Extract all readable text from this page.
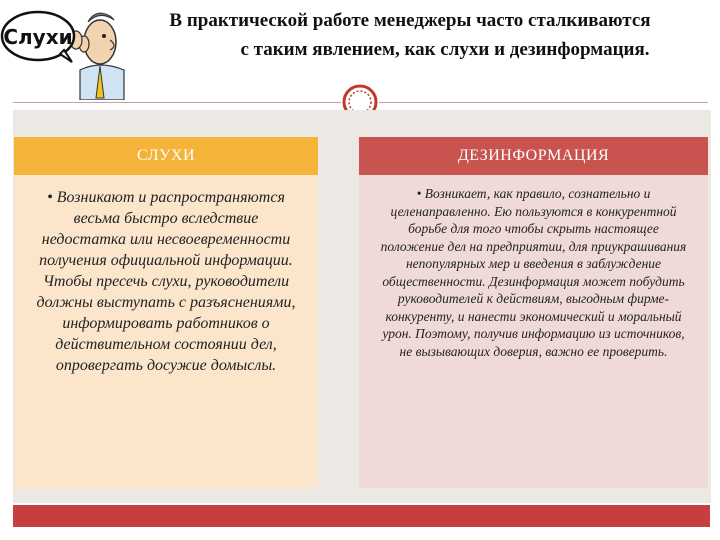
Слухи
В практической работе менеджеры часто сталкиваются
с таким явлением, как слухи и дезинформация.
СЛУХИ	ДЕЗИНФОРМАЦИЯ
• Возникают и распространяются весьма быстро вследствие недостатка или несвоевременности получения официальной информации. Чтобы пресечь слухи, руководители должны выступать с разъяснениями, информировать работников о действительном состоянии дел, опровергать досужие домыслы.
• Возникает, как правило, сознательно и целенаправленно. Ею пользуются в конкурентной борьбе для того чтобы скрыть настоящее положение дел на предприятии, для приукрашивания непопулярных мер и введения в заблуждение общественности. Дезинформация может побудить руководителей к действиям, выгодным фирме-конкуренту, и нанести экономический и моральный урон. Поэтому, получив информацию из источников, не вызывающих доверия, важно ее проверить.
